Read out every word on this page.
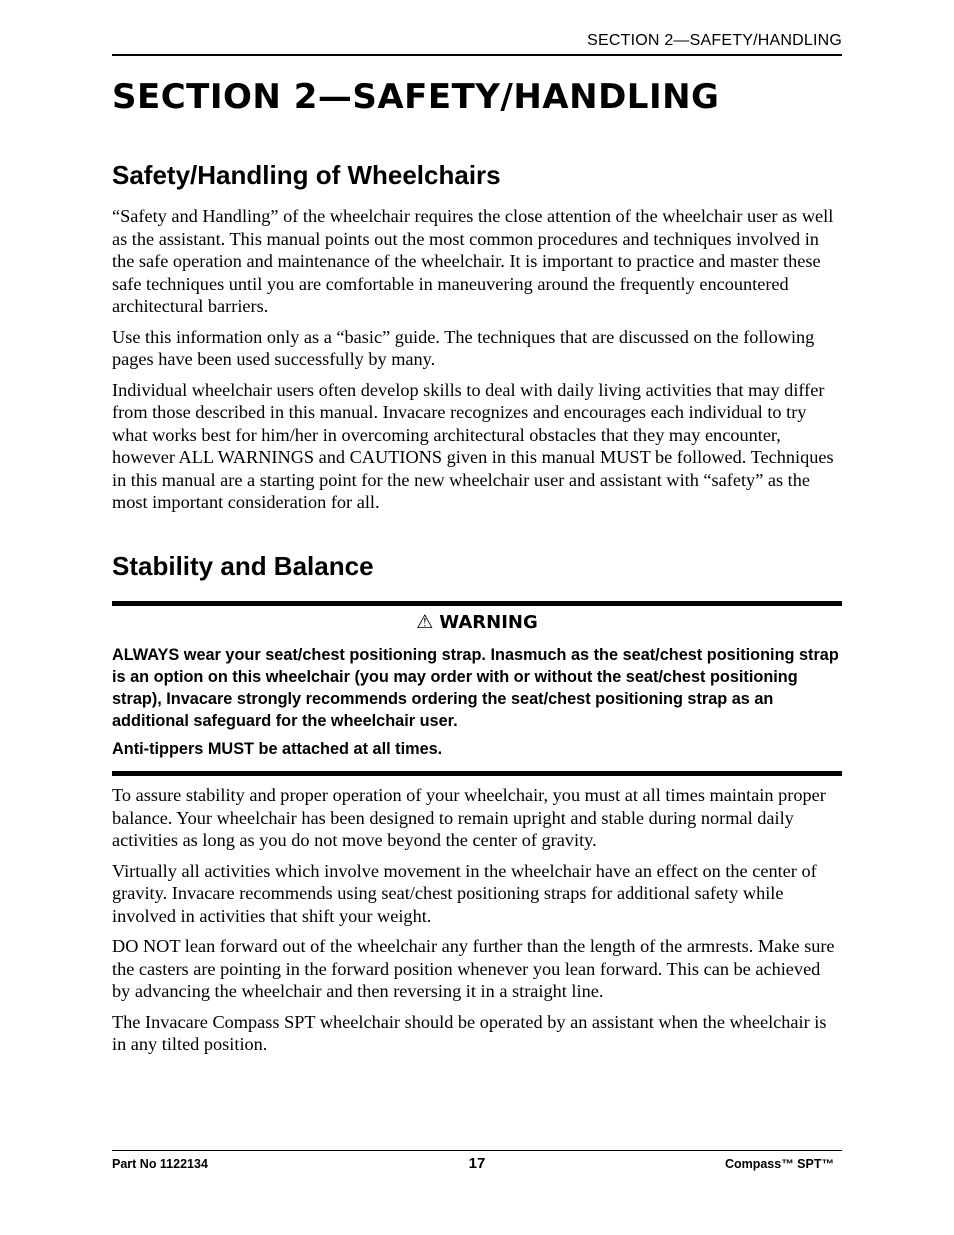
SECTION 2—SAFETY/HANDLING
SECTION 2—SAFETY/HANDLING
Safety/Handling of Wheelchairs

“Safety and Handling” of the wheelchair requires the close attention of the wheelchair user as well as the assistant. This manual points out the most common procedures and techniques involved in the safe operation and maintenance of the wheelchair. It is important to practice and master these safe techniques until you are comfortable in maneuvering around the frequently encountered architectural barriers.

Use this information only as a “basic” guide. The techniques that are discussed on the following pages have been used successfully by many.

Individual wheelchair users often develop skills to deal with daily living activities that may differ from those described in this manual. Invacare recognizes and encourages each individual to try what works best for him/her in overcoming architectural obstacles that they may encounter, however ALL WARNINGS and CAUTIONS given in this manual MUST be followed. Techniques in this manual are a starting point for the new wheelchair user and assistant with “safety” as the most important consideration for all.

Stability and Balance
⚠ WARNING

ALWAYS wear your seat/chest positioning strap. Inasmuch as the seat/chest positioning strap is an option on this wheelchair (you may order with or without the seat/chest positioning strap), Invacare strongly recommends ordering the seat/chest positioning strap as an additional safeguard for the wheelchair user.

Anti-tippers MUST be attached at all times.

To assure stability and proper operation of your wheelchair, you must at all times maintain proper balance. Your wheelchair has been designed to remain upright and stable during normal daily activities as long as you do not move beyond the center of gravity.

Virtually all activities which involve movement in the wheelchair have an effect on the center of gravity. Invacare recommends using seat/chest positioning straps for additional safety while involved in activities that shift your weight.

DO NOT lean forward out of the wheelchair any further than the length of the armrests. Make sure the casters are pointing in the forward position whenever you lean forward. This can be achieved by advancing the wheelchair and then reversing it in a straight line.

The Invacare Compass SPT wheelchair should be operated by an assistant when the wheelchair is in any tilted position.

Part No 1122134	17	Compass™ SPT™
